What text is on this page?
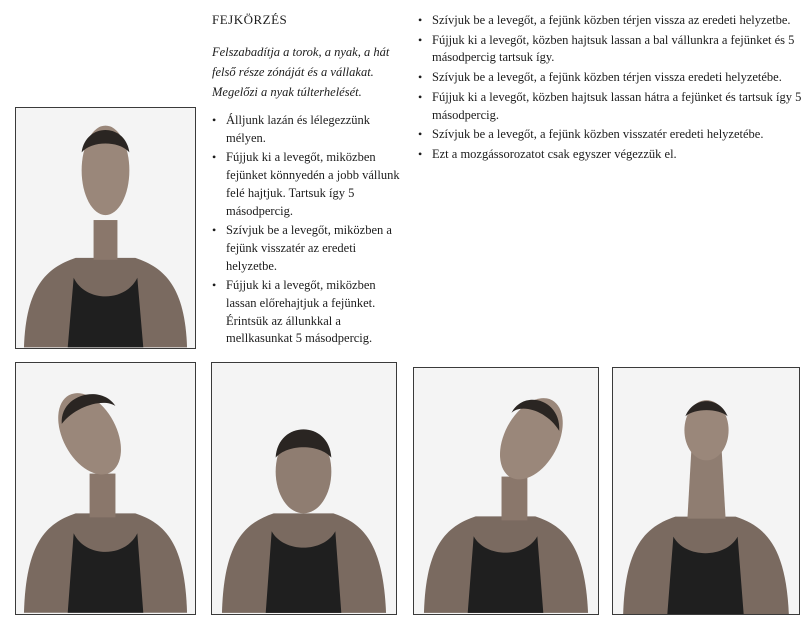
FEJKÖRZÉS
Felszabadítja a torok, a nyak, a hát
felső része zónáját és a vállakat.
Megelőzi a nyak túlterhelését.
• Álljunk lazán és lélegezzünk mélyen.
• Fújjuk ki a levegőt, miközben fejünket könnyedén a jobb vállunk felé hajtjuk. Tartsuk így 5 másodpercig.
• Szívjuk be a levegőt, miközben a fejünk visszatér az eredeti helyzetbe.
• Fújjuk ki a levegőt, miközben lassan előrehajtjuk a fejünket. Érintsük az állunkkal a mellkasunkat 5 másodpercig.
• Szívjuk be a levegőt, a fejünk közben térjen vissza az eredeti helyzetbe.
• Fújjuk ki a levegőt, közben hajtsuk lassan a bal vállunkra a fejünket és 5 másodpercig tartsuk így.
• Szívjuk be a levegőt, a fejünk közben térjen vissza eredeti helyzetébe.
• Fújjuk ki a levegőt, közben hajtsuk lassan hátra a fejünket és tartsuk így 5 másodpercig.
• Szívjuk be a levegőt, a fejünk közben visszatér eredeti helyzetébe.
• Ezt a mozgássorozatot csak egyszer végezzük el.
